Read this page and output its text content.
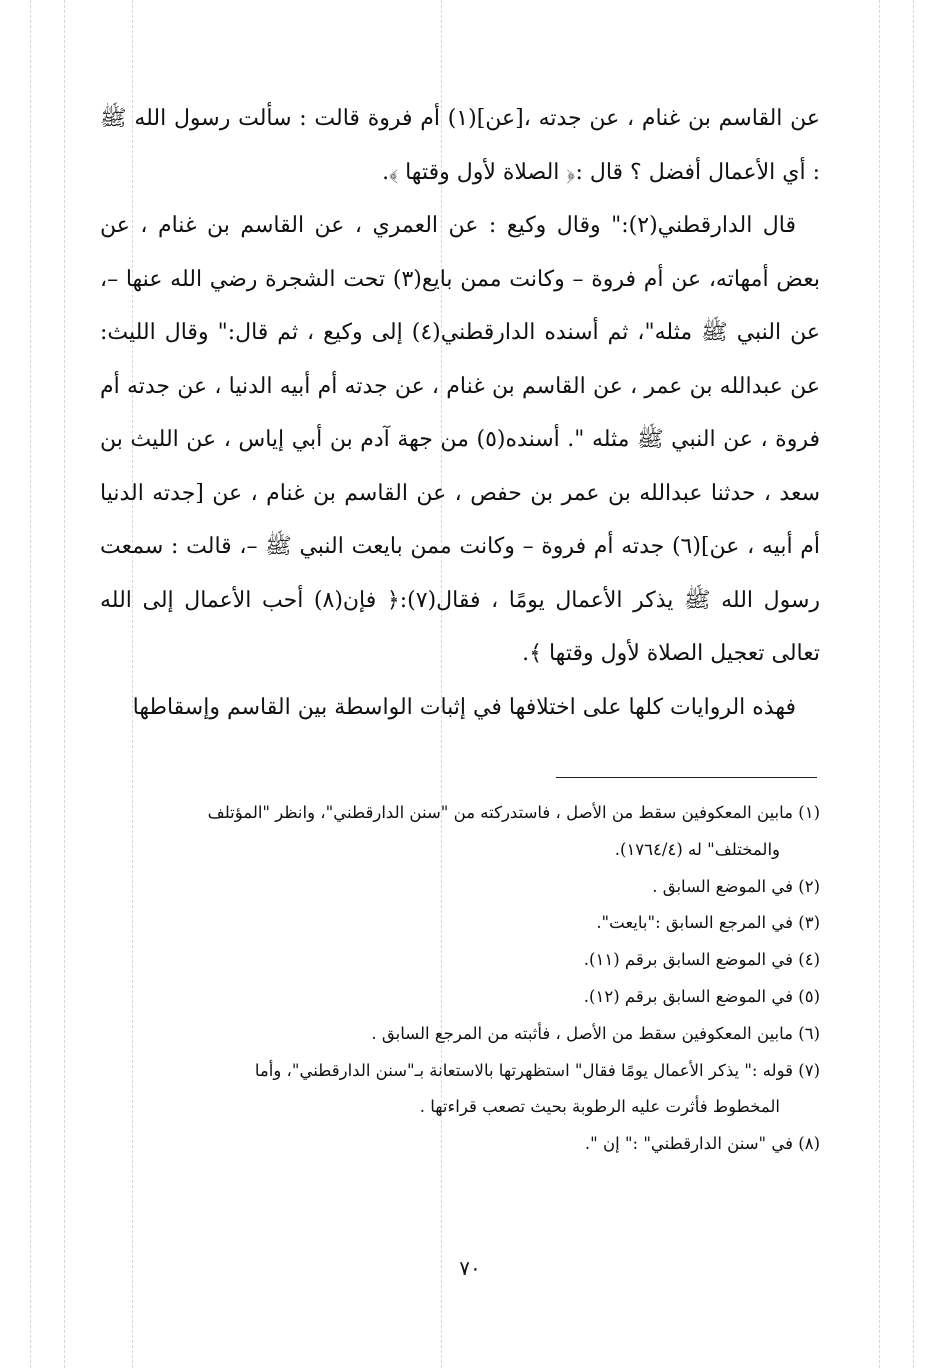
عن القاسم بن غنام ، عن جدته ،[عن](١) أم فروة قالت : سألت رسول الله ﷺ : أي الأعمال أفضل ؟ قال :﴿ الصلاة لأول وقتها ﴾.

قال الدارقطني(٢):" وقال وكيع : عن العمري ، عن القاسم بن غنام ، عن بعض أمهاته، عن أم فروة – وكانت ممن بايع(٣) تحت الشجرة رضي الله عنها –، عن النبي ﷺ مثله"، ثم أسنده الدارقطني(٤) إلى وكيع ، ثم قال:" وقال الليث: عن عبدالله بن عمر ، عن القاسم بن غنام ، عن جدته أم أبيه الدنيا ، عن جدته أم فروة ، عن النبي ﷺ مثله ". أسنده(٥) من جهة آدم بن أبي إياس ، عن الليث بن سعد ، حدثنا عبدالله بن عمر بن حفص ، عن القاسم بن غنام ، عن [جدته الدنيا أم أبيه ، عن](٦) جدته أم فروة – وكانت ممن بايعت النبي ﷺ –، قالت : سمعت رسول الله ﷺ يذكر الأعمال يومًا ، فقال(٧):﴿ فإن(٨) أحب الأعمال إلى الله تعالى تعجيل الصلاة لأول وقتها ﴾.

فهذه الروايات كلها على اختلافها في إثبات الواسطة بين القاسم وإسقاطها

(١) مابين المعكوفين سقط من الأصل ، فاستدركته من "سنن الدارقطني"، وانظر "المؤتلف

والمختلف" له (١٧٦٤/٤).

(٢) في الموضع السابق .

(٣) في المرجع السابق :"بايعت".

(٤) في الموضع السابق برقم (١١).

(٥) في الموضع السابق برقم (١٢).

(٦) مابين المعكوفين سقط من الأصل ، فأثبته من المرجع السابق .

(٧) قوله :" يذكر الأعمال يومًا فقال" استظهرتها بالاستعانة بـ"سنن الدارقطني"، وأما

المخطوط فأثرت عليه الرطوبة بحيث تصعب قراءتها .

(٨) في "سنن الدارقطني" :" إن ".

٧٠
